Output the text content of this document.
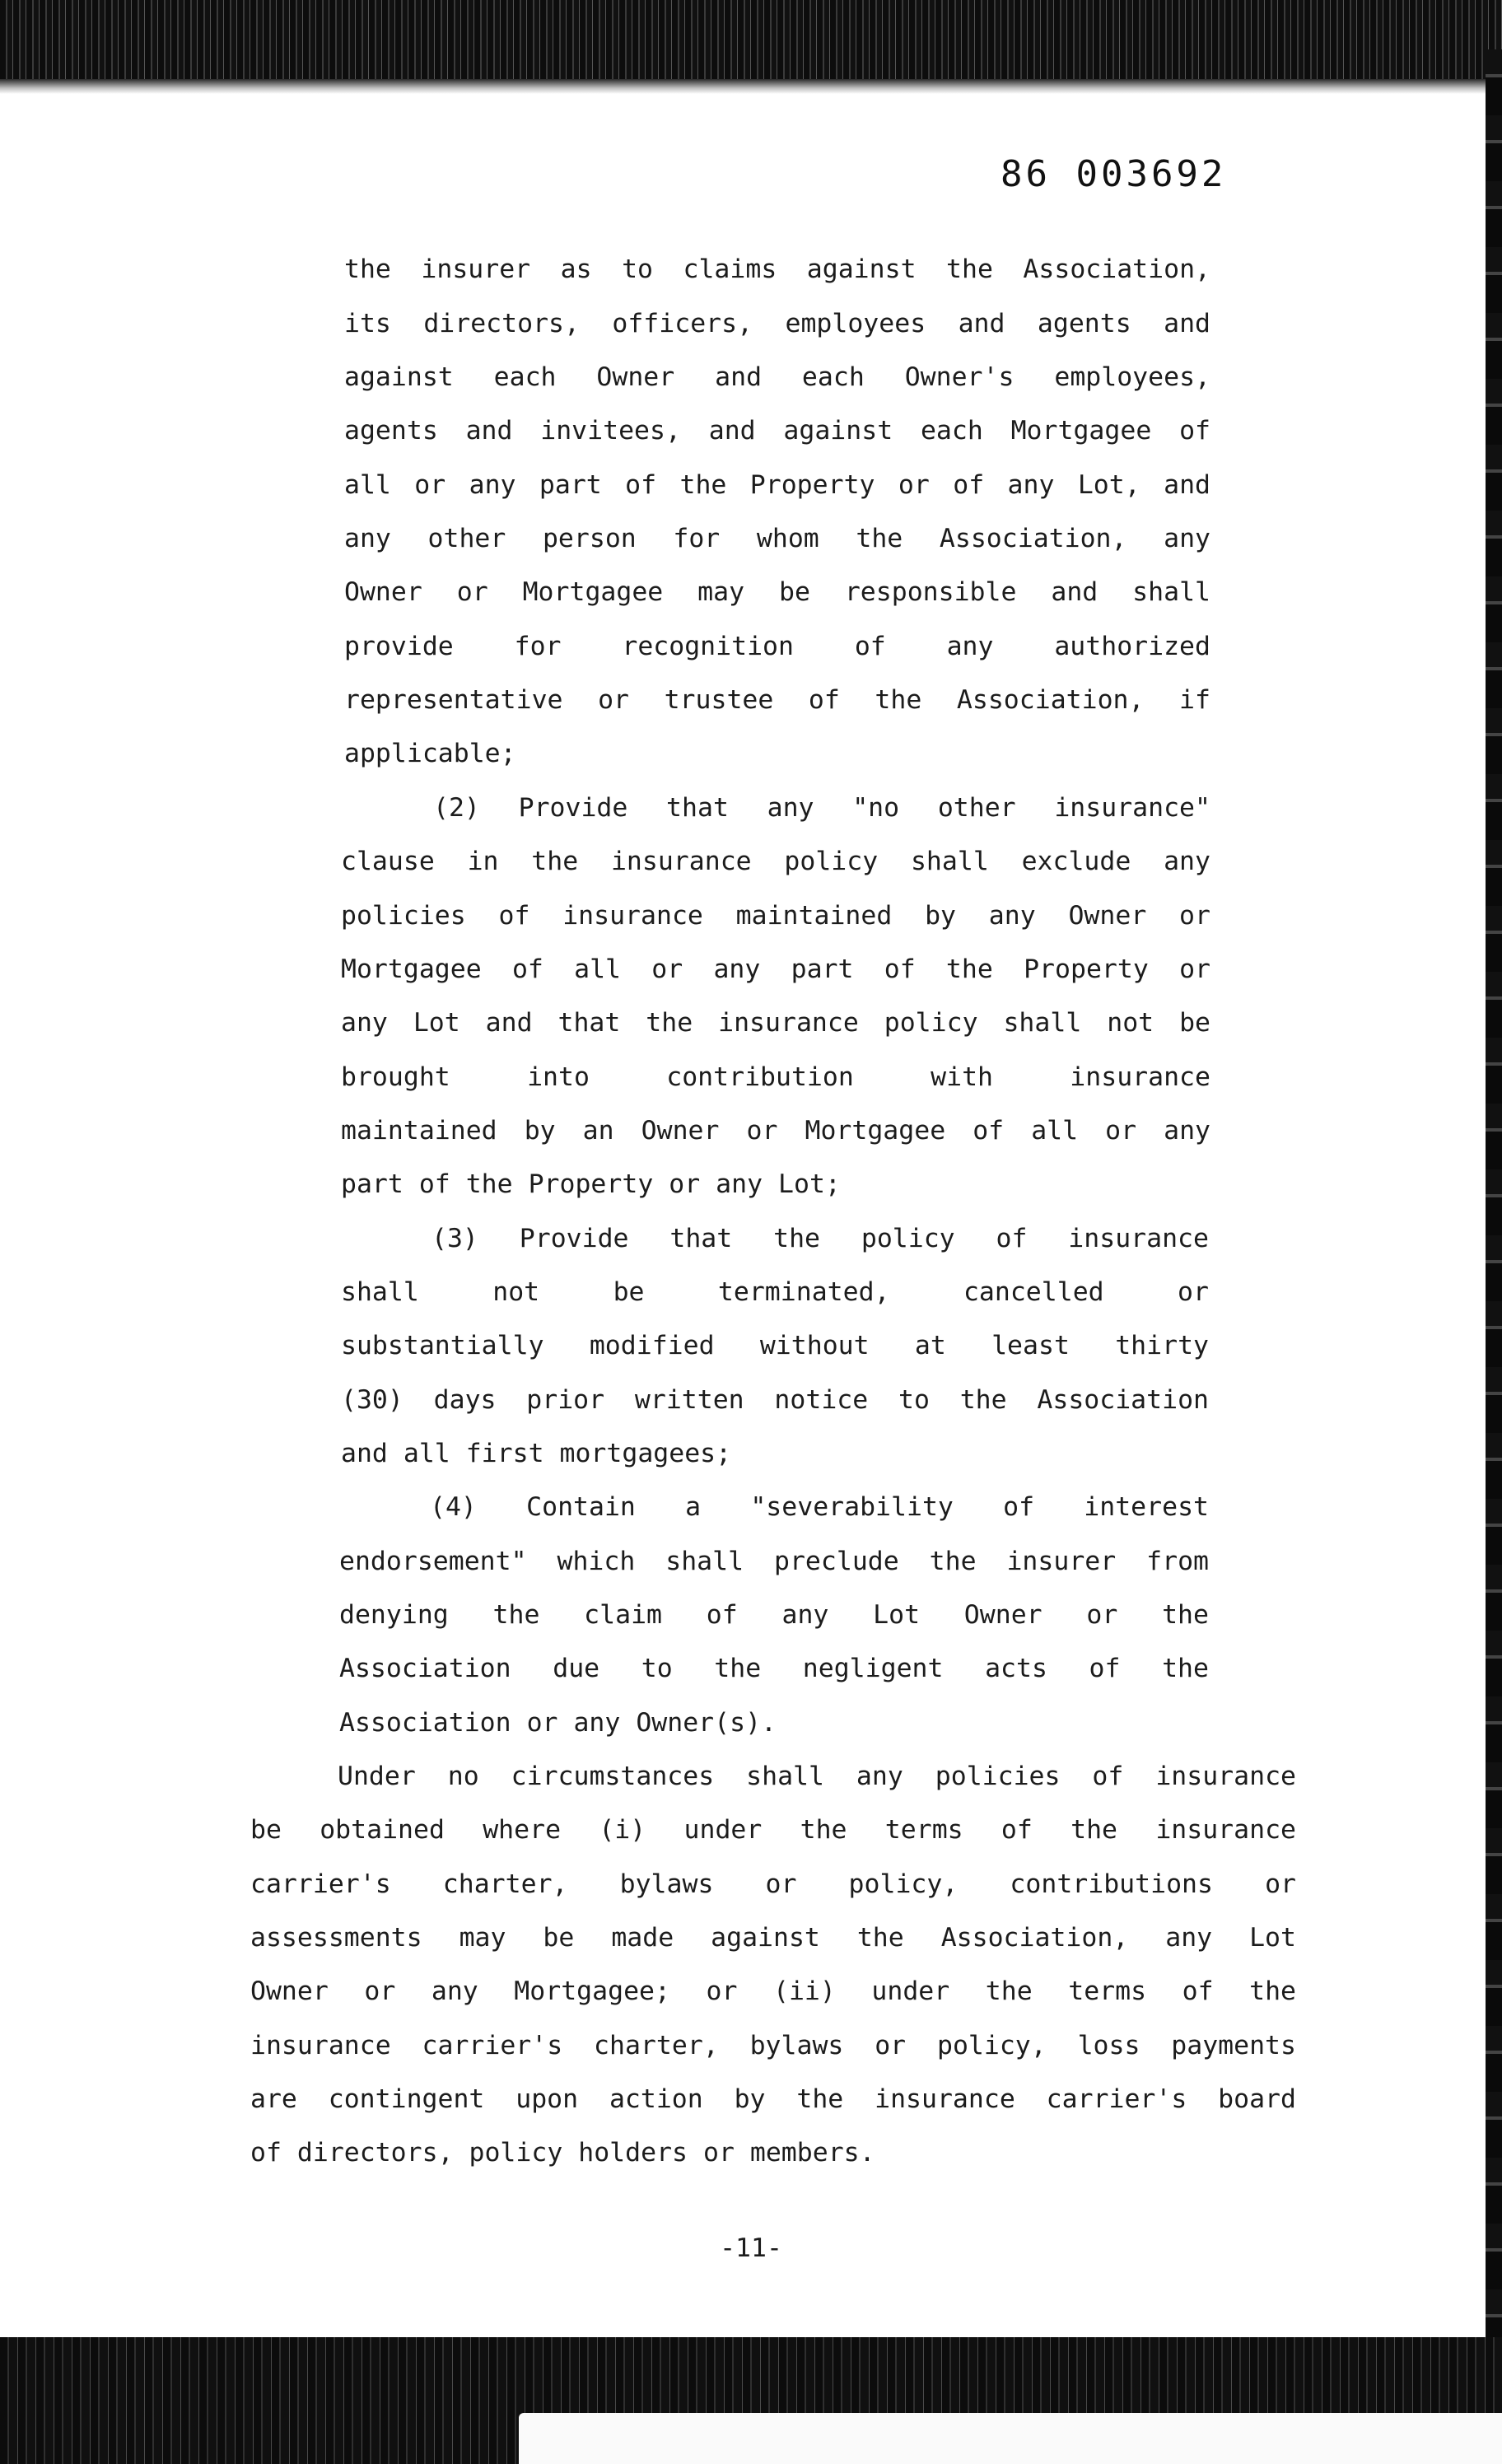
86 003692
the insurer as to claims against the Association,
its directors, officers, employees and agents and
against each Owner and each Owner's employees,
agents and invitees, and against each Mortgagee of
all or any part of the Property or of any Lot, and
any other person for whom the Association, any
Owner or Mortgagee may be responsible and shall
provide for recognition of any authorized
representative or trustee of the Association, if
applicable;
(2) Provide that any "no other insurance"
clause in the insurance policy shall exclude any
policies of insurance maintained by any Owner or
Mortgagee of all or any part of the Property or
any Lot and that the insurance policy shall not be
brought into contribution with insurance
maintained by an Owner or Mortgagee of all or any
part of the Property or any Lot;
(3) Provide that the policy of insurance
shall not be terminated, cancelled or
substantially modified without at least thirty
(30) days prior written notice to the Association
and all first mortgagees;
(4) Contain a "severability of interest
endorsement" which shall preclude the insurer from
denying the claim of any Lot Owner or the
Association due to the negligent acts of the
Association or any Owner(s).
Under no circumstances shall any policies of insurance
be obtained where (i) under the terms of the insurance
carrier's charter, bylaws or policy, contributions or
assessments may be made against the Association, any Lot
Owner or any Mortgagee; or (ii) under the terms of the
insurance carrier's charter, bylaws or policy, loss payments
are contingent upon action by the insurance carrier's board
of directors, policy holders or members.
-11-
